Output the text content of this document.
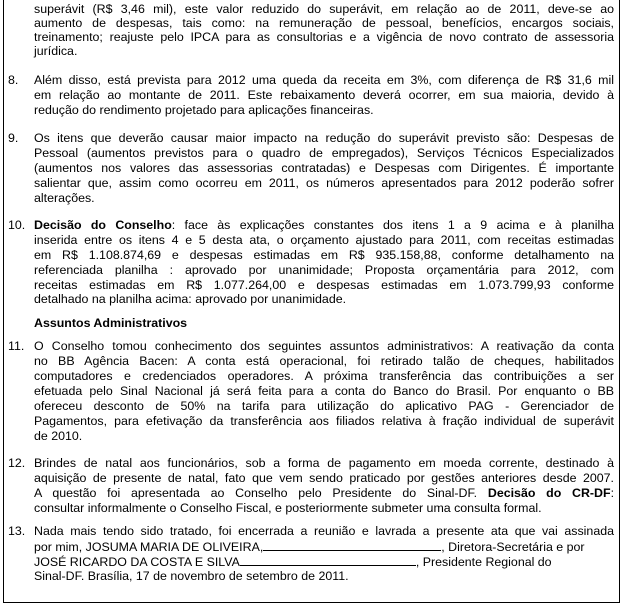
superávit (R$ 3,46 mil), este valor reduzido do superávit, em relação ao de 2011, deve-se ao
aumento de despesas, tais como: na remuneração de pessoal, benefícios, encargos sociais,
treinamento; reajuste pelo IPCA para as consultorias e a vigência de novo contrato de assessoria
jurídica.
8. Além disso, está prevista para 2012 uma queda da receita em 3%, com diferença de R$ 31,6 mil
em relação ao montante de 2011. Este rebaixamento deverá ocorrer, em sua maioria, devido à
redução do rendimento projetado para aplicações financeiras.
9. Os itens que deverão causar maior impacto na redução do superávit previsto são: Despesas de
Pessoal (aumentos previstos para o quadro de empregados), Serviços Técnicos Especializados
(aumentos nos valores das assessorias contratadas) e Despesas com Dirigentes. É importante
salientar que, assim como ocorreu em 2011, os números apresentados para 2012 poderão sofrer
alterações.
10. Decisão do Conselho: face às explicações constantes dos itens 1 a 9 acima e à planilha
inserida entre os itens 4 e 5 desta ata, o orçamento ajustado para 2011, com receitas estimadas
em R$ 1.108.874,69 e despesas estimadas em R$ 935.158,88, conforme detalhamento na
referenciada planilha : aprovado por unanimidade; Proposta orçamentária para 2012, com
receitas estimadas em R$ 1.077.264,00 e despesas estimadas em 1.073.799,93 conforme
detalhado na planilha acima: aprovado por unanimidade.
Assuntos Administrativos
11. O Conselho tomou conhecimento dos seguintes assuntos administrativos: A reativação da conta
no BB Agência Bacen: A conta está operacional, foi retirado talão de cheques, habilitados
computadores e credenciados operadores. A próxima transferência das contribuições a ser
efetuada pelo Sinal Nacional já será feita para a conta do Banco do Brasil. Por enquanto o BB
ofereceu desconto de 50% na tarifa para utilização do aplicativo PAG - Gerenciador de
Pagamentos, para efetivação da transferência aos filiados relativa à fração individual de superávit
de 2010.
12. Brindes de natal aos funcionários, sob a forma de pagamento em moeda corrente, destinado à
aquisição de presente de natal, fato que vem sendo praticado por gestões anteriores desde 2007.
A questão foi apresentada ao Conselho pelo Presidente do Sinal-DF. Decisão do CR-DF:
consultar informalmente o Conselho Fiscal, e posteriormente submeter uma consulta formal.
13. Nada mais tendo sido tratado, foi encerrada a reunião e lavrada a presente ata que vai assinada
por mim, JOSUMA MARIA DE OLIVEIRA,	, Diretora-Secretária e por
JOSÉ RICARDO DA COSTA E SILVA	, Presidente Regional do
Sinal-DF. Brasília, 17 de novembro de setembro de 2011.
